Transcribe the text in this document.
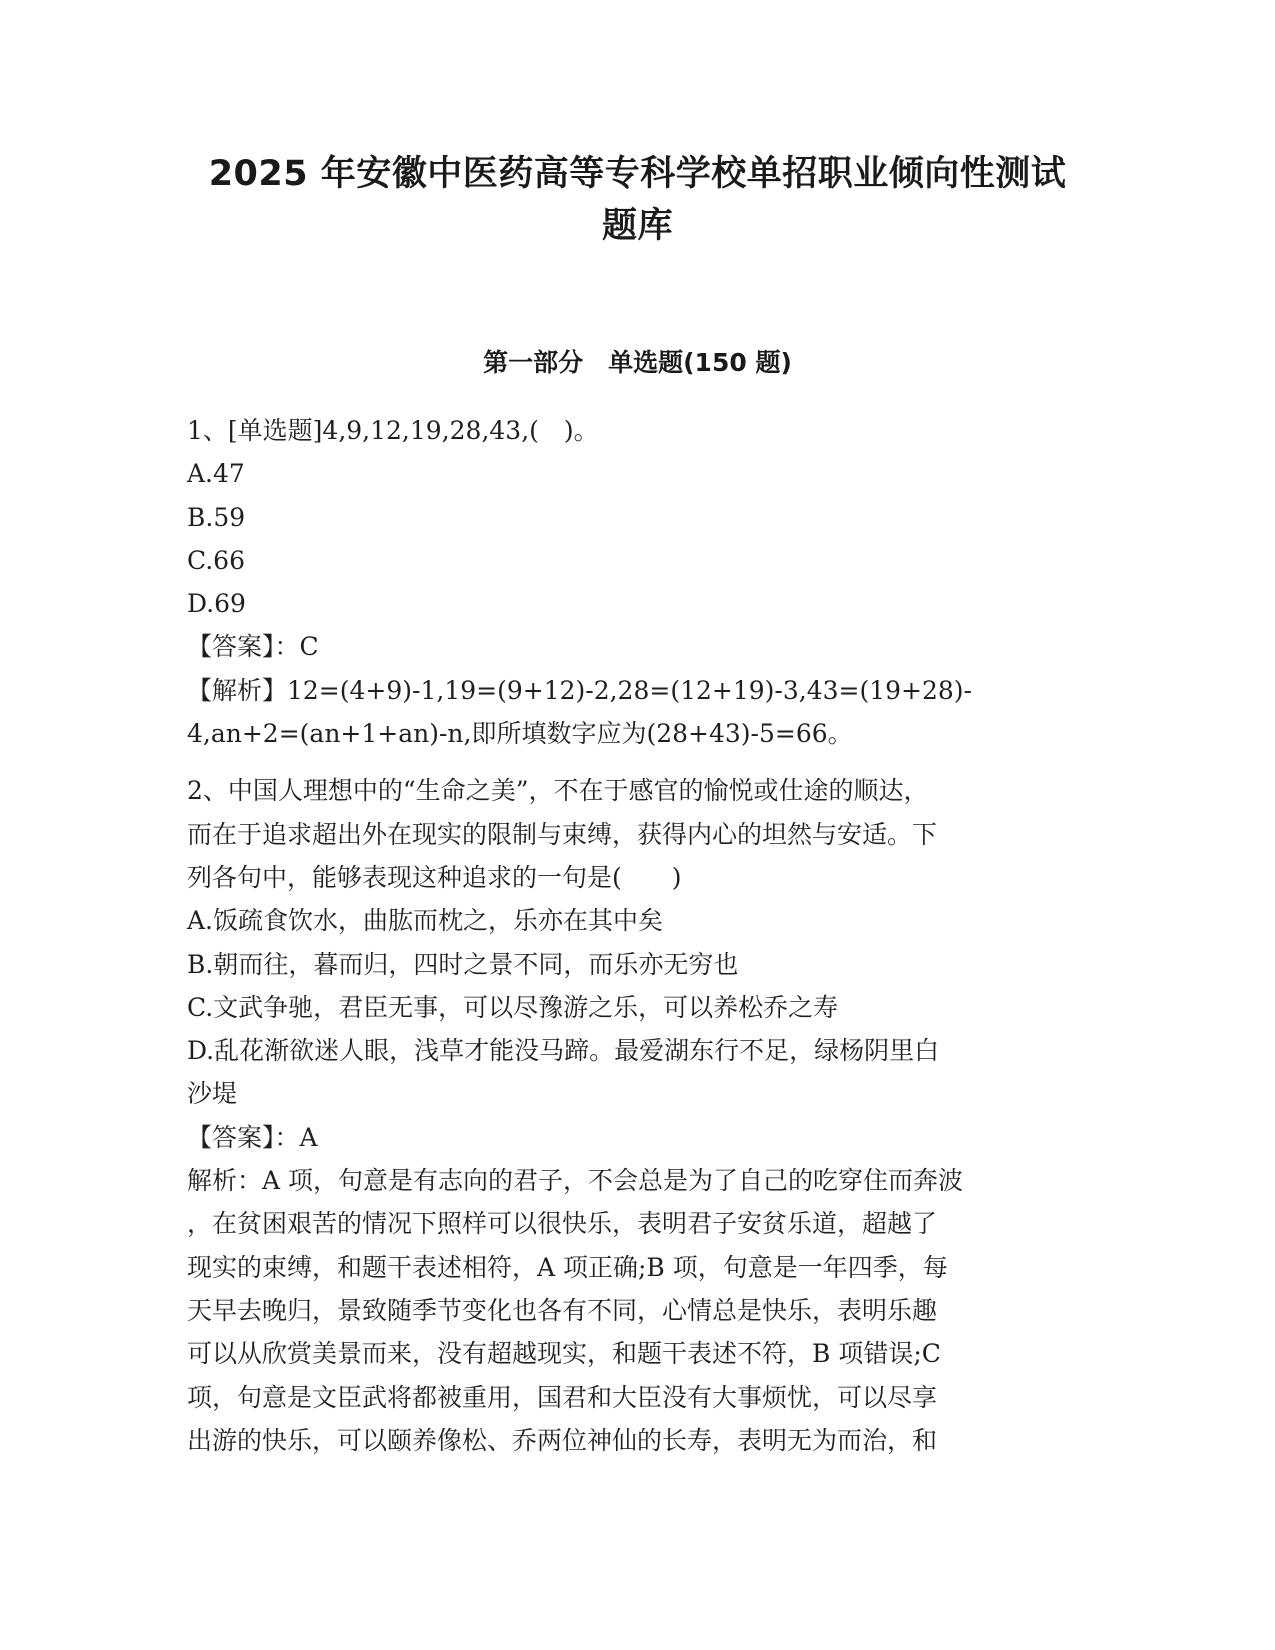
2025 年安徽中医药高等专科学校单招职业倾向性测试
题库
第一部分　单选题(150 题)
1、[单选题]4,9,12,19,28,43,(　)。
A.47
B.59
C.66
D.69
【答案】：C
【解析】12=(4+9)-1,19=(9+12)-2,28=(12+19)-3,43=(19+28)-
4,an+2=(an+1+an)-n,即所填数字应为(28+43)-5=66。
2、中国人理想中的“生命之美”，不在于感官的愉悦或仕途的顺达，
而在于追求超出外在现实的限制与束缚，获得内心的坦然与安适。下
列各句中，能够表现这种追求的一句是(　　)
A.饭疏食饮水，曲肱而枕之，乐亦在其中矣
B.朝而往，暮而归，四时之景不同，而乐亦无穷也
C.文武争驰，君臣无事，可以尽豫游之乐，可以养松乔之寿
D.乱花渐欲迷人眼，浅草才能没马蹄。最爱湖东行不足，绿杨阴里白
沙堤
【答案】：A
解析：A 项，句意是有志向的君子，不会总是为了自己的吃穿住而奔波
，在贫困艰苦的情况下照样可以很快乐，表明君子安贫乐道，超越了
现实的束缚，和题干表述相符，A 项正确;B 项，句意是一年四季，每
天早去晚归，景致随季节变化也各有不同，心情总是快乐，表明乐趣
可以从欣赏美景而来，没有超越现实，和题干表述不符，B 项错误;C
项，句意是文臣武将都被重用，国君和大臣没有大事烦忧，可以尽享
出游的快乐，可以颐养像松、乔两位神仙的长寿，表明无为而治，和
